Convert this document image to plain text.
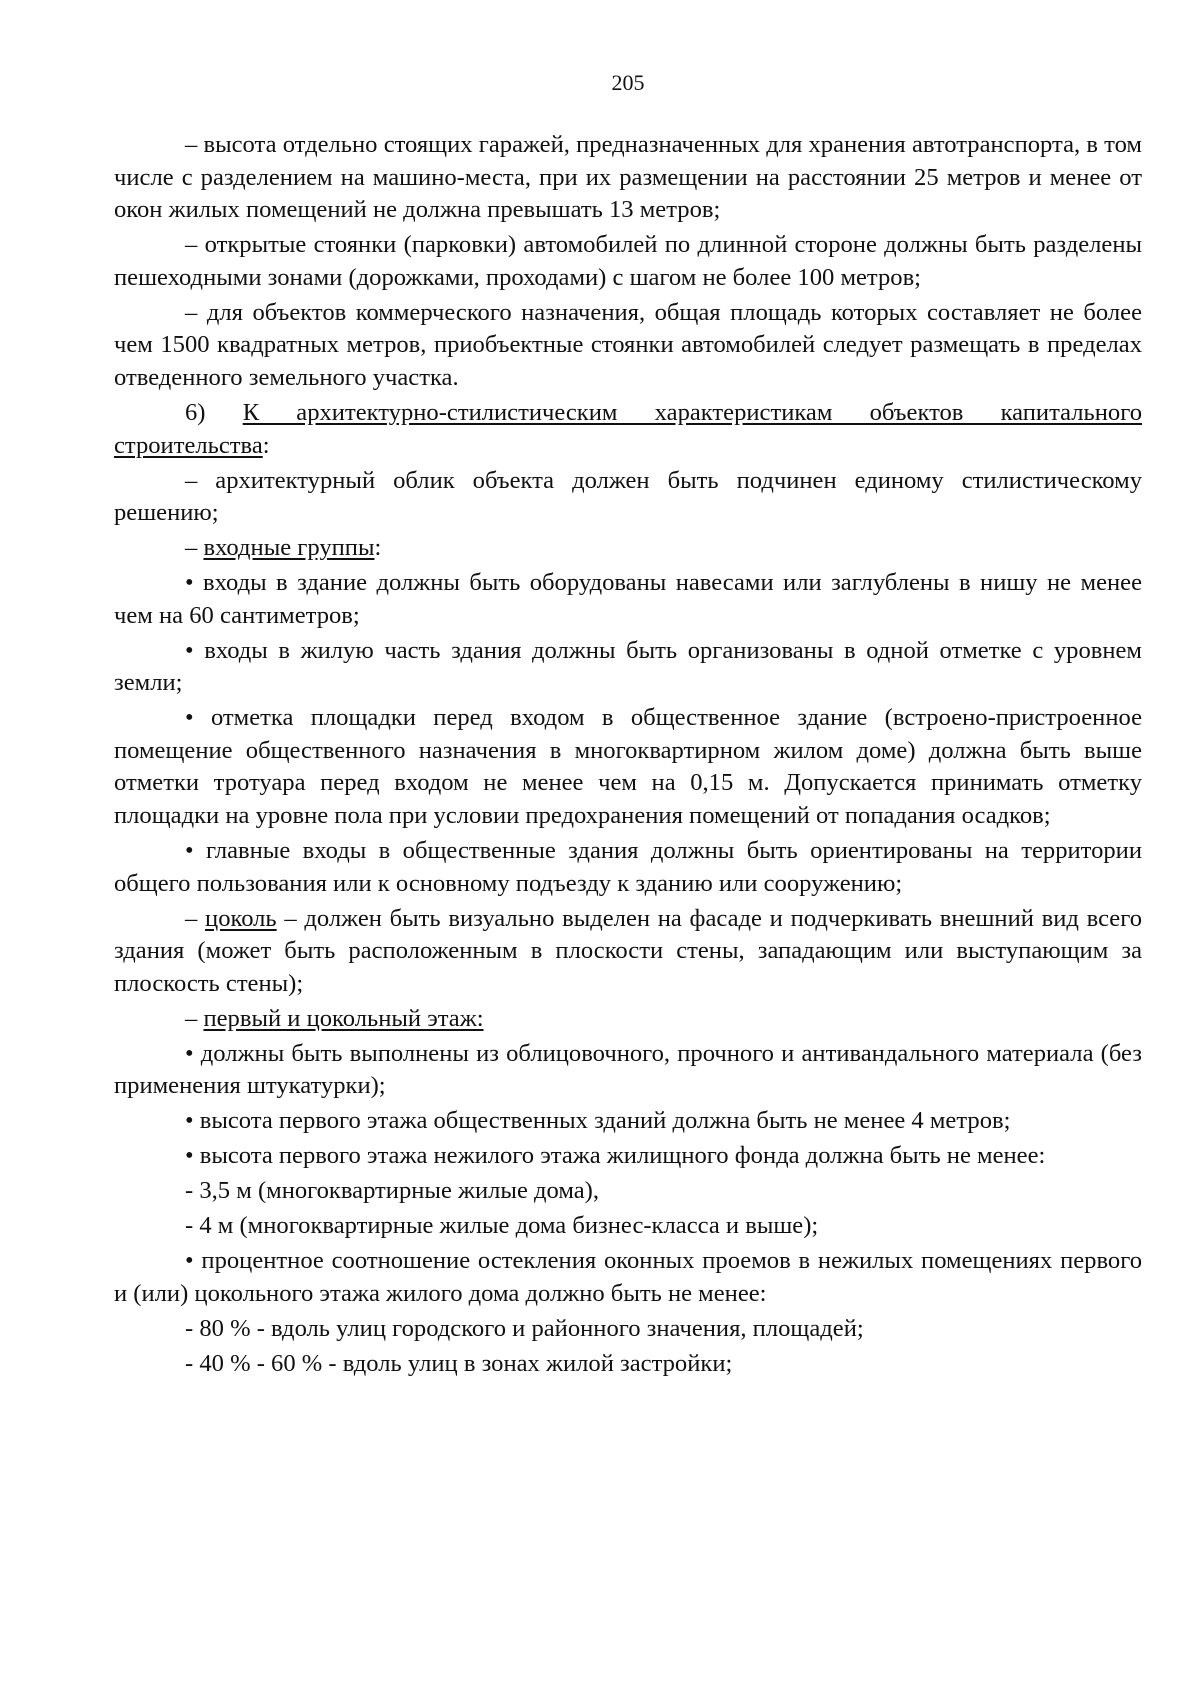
205

– высота отдельно стоящих гаражей, предназначенных для хранения автотранспорта, в том числе с разделением на машино-места, при их размещении на расстоянии 25 метров и менее от окон жилых помещений не должна превышать 13 метров;

– открытые стоянки (парковки) автомобилей по длинной стороне должны быть разделены пешеходными зонами (дорожками, проходами) с шагом не более 100 метров;

– для объектов коммерческого назначения, общая площадь которых составляет не более чем 1500 квадратных метров, приобъектные стоянки автомобилей следует размещать в пределах отведенного земельного участка.

6) К архитектурно-стилистическим характеристикам объектов капитального строительства:

– архитектурный облик объекта должен быть подчинен единому стилистическому решению;

– входные группы:

• входы в здание должны быть оборудованы навесами или заглублены в нишу не менее чем на 60 сантиметров;

• входы в жилую часть здания должны быть организованы в одной отметке с уровнем земли;

• отметка площадки перед входом в общественное здание (встроено-пристроенное помещение общественного назначения в многоквартирном жилом доме) должна быть выше отметки тротуара перед входом не менее чем на 0,15 м. Допускается принимать отметку площадки на уровне пола при условии предохранения помещений от попадания осадков;

• главные входы в общественные здания должны быть ориентированы на территории общего пользования или к основному подъезду к зданию или сооружению;

– цоколь – должен быть визуально выделен на фасаде и подчеркивать внешний вид всего здания (может быть расположенным в плоскости стены, западающим или выступающим за плоскость стены);

– первый и цокольный этаж:

• должны быть выполнены из облицовочного, прочного и антивандального материала (без применения штукатурки);

• высота первого этажа общественных зданий должна быть не менее 4 метров;

• высота первого этажа нежилого этажа жилищного фонда должна быть не менее:

- 3,5 м (многоквартирные жилые дома),

- 4 м (многоквартирные жилые дома бизнес-класса и выше);

• процентное соотношение остекления оконных проемов в нежилых помещениях первого и (или) цокольного этажа жилого дома должно быть не менее:

- 80 % - вдоль улиц городского и районного значения, площадей;

- 40 % - 60 % - вдоль улиц в зонах жилой застройки;
